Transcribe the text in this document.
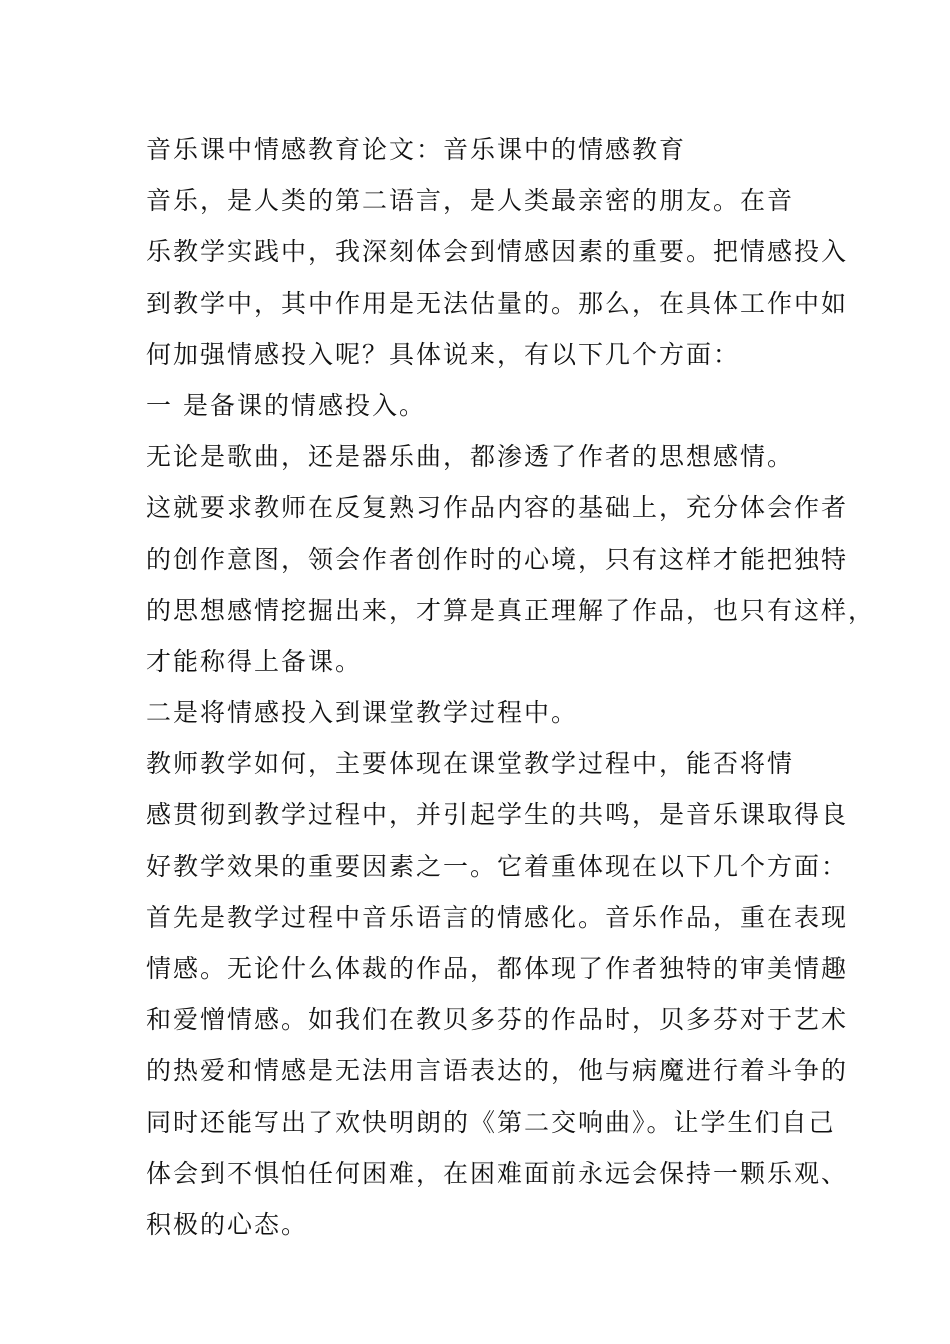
音乐课中情感教育论文：音乐课中的情感教育
音乐，是人类的第二语言，是人类最亲密的朋友。在音
乐教学实践中，我深刻体会到情感因素的重要。把情感投入
到教学中，其中作用是无法估量的。那么，在具体工作中如
何加强情感投入呢？具体说来，有以下几个方面：
一 是备课的情感投入。
无论是歌曲，还是器乐曲，都渗透了作者的思想感情。
这就要求教师在反复熟习作品内容的基础上，充分体会作者
的创作意图，领会作者创作时的心境，只有这样才能把独特
的思想感情挖掘出来，才算是真正理解了作品，也只有这样，
才能称得上备课。
二是将情感投入到课堂教学过程中。
教师教学如何，主要体现在课堂教学过程中，能否将情
感贯彻到教学过程中，并引起学生的共鸣，是音乐课取得良
好教学效果的重要因素之一。它着重体现在以下几个方面：
首先是教学过程中音乐语言的情感化。音乐作品，重在表现
情感。无论什么体裁的作品，都体现了作者独特的审美情趣
和爱憎情感。如我们在教贝多芬的作品时，贝多芬对于艺术
的热爱和情感是无法用言语表达的，他与病魔进行着斗争的
同时还能写出了欢快明朗的《第二交响曲》。让学生们自己
体会到不惧怕任何困难，在困难面前永远会保持一颗乐观、
积极的心态。
